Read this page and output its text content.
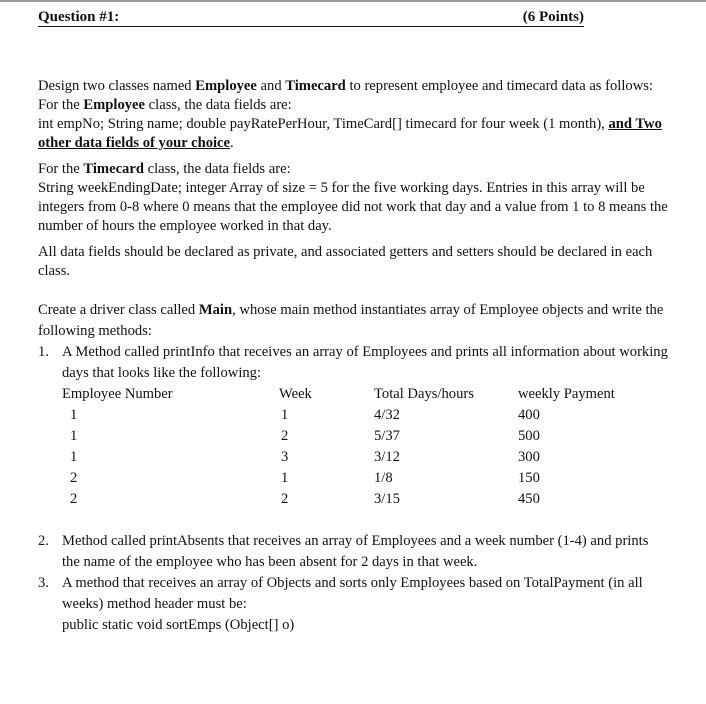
Question #1:	(6 Points)

Design two classes named Employee and Timecard to represent employee and timecard data as follows:

For the Employee class, the data fields are:

int empNo; String name; double payRatePerHour, TimeCard[] timecard for four week (1 month), and Two other data fields of your choice.

For the Timecard class, the data fields are:

String weekEndingDate; integer Array of size = 5 for the five working days. Entries in this array will be integers from 0-8 where 0 means that the employee did not work that day and a value from 1 to 8 means the number of hours the employee worked in that day.

All data fields should be declared as private, and associated getters and setters should be declared in each class.

Create a driver class called Main, whose main method instantiates array of Employee objects and write the following methods:

1. A Method called printInfo that receives an array of Employees and prints all information about working days that looks like the following:
Employee Number	Week	Total Days/hours	weekly Payment
1	1	4/32	400
1	2	5/37	500
1	3	3/12	300
2	1	1/8	150
2	2	3/15	450
2. Method called printAbsents that receives an array of Employees and a week number (1-4) and prints the name of the employee who has been absent for 2 days in that week.
3. A method that receives an array of Objects and sorts only Employees based on TotalPayment (in all weeks) method header must be:
public static void sortEmps (Object[] o)
